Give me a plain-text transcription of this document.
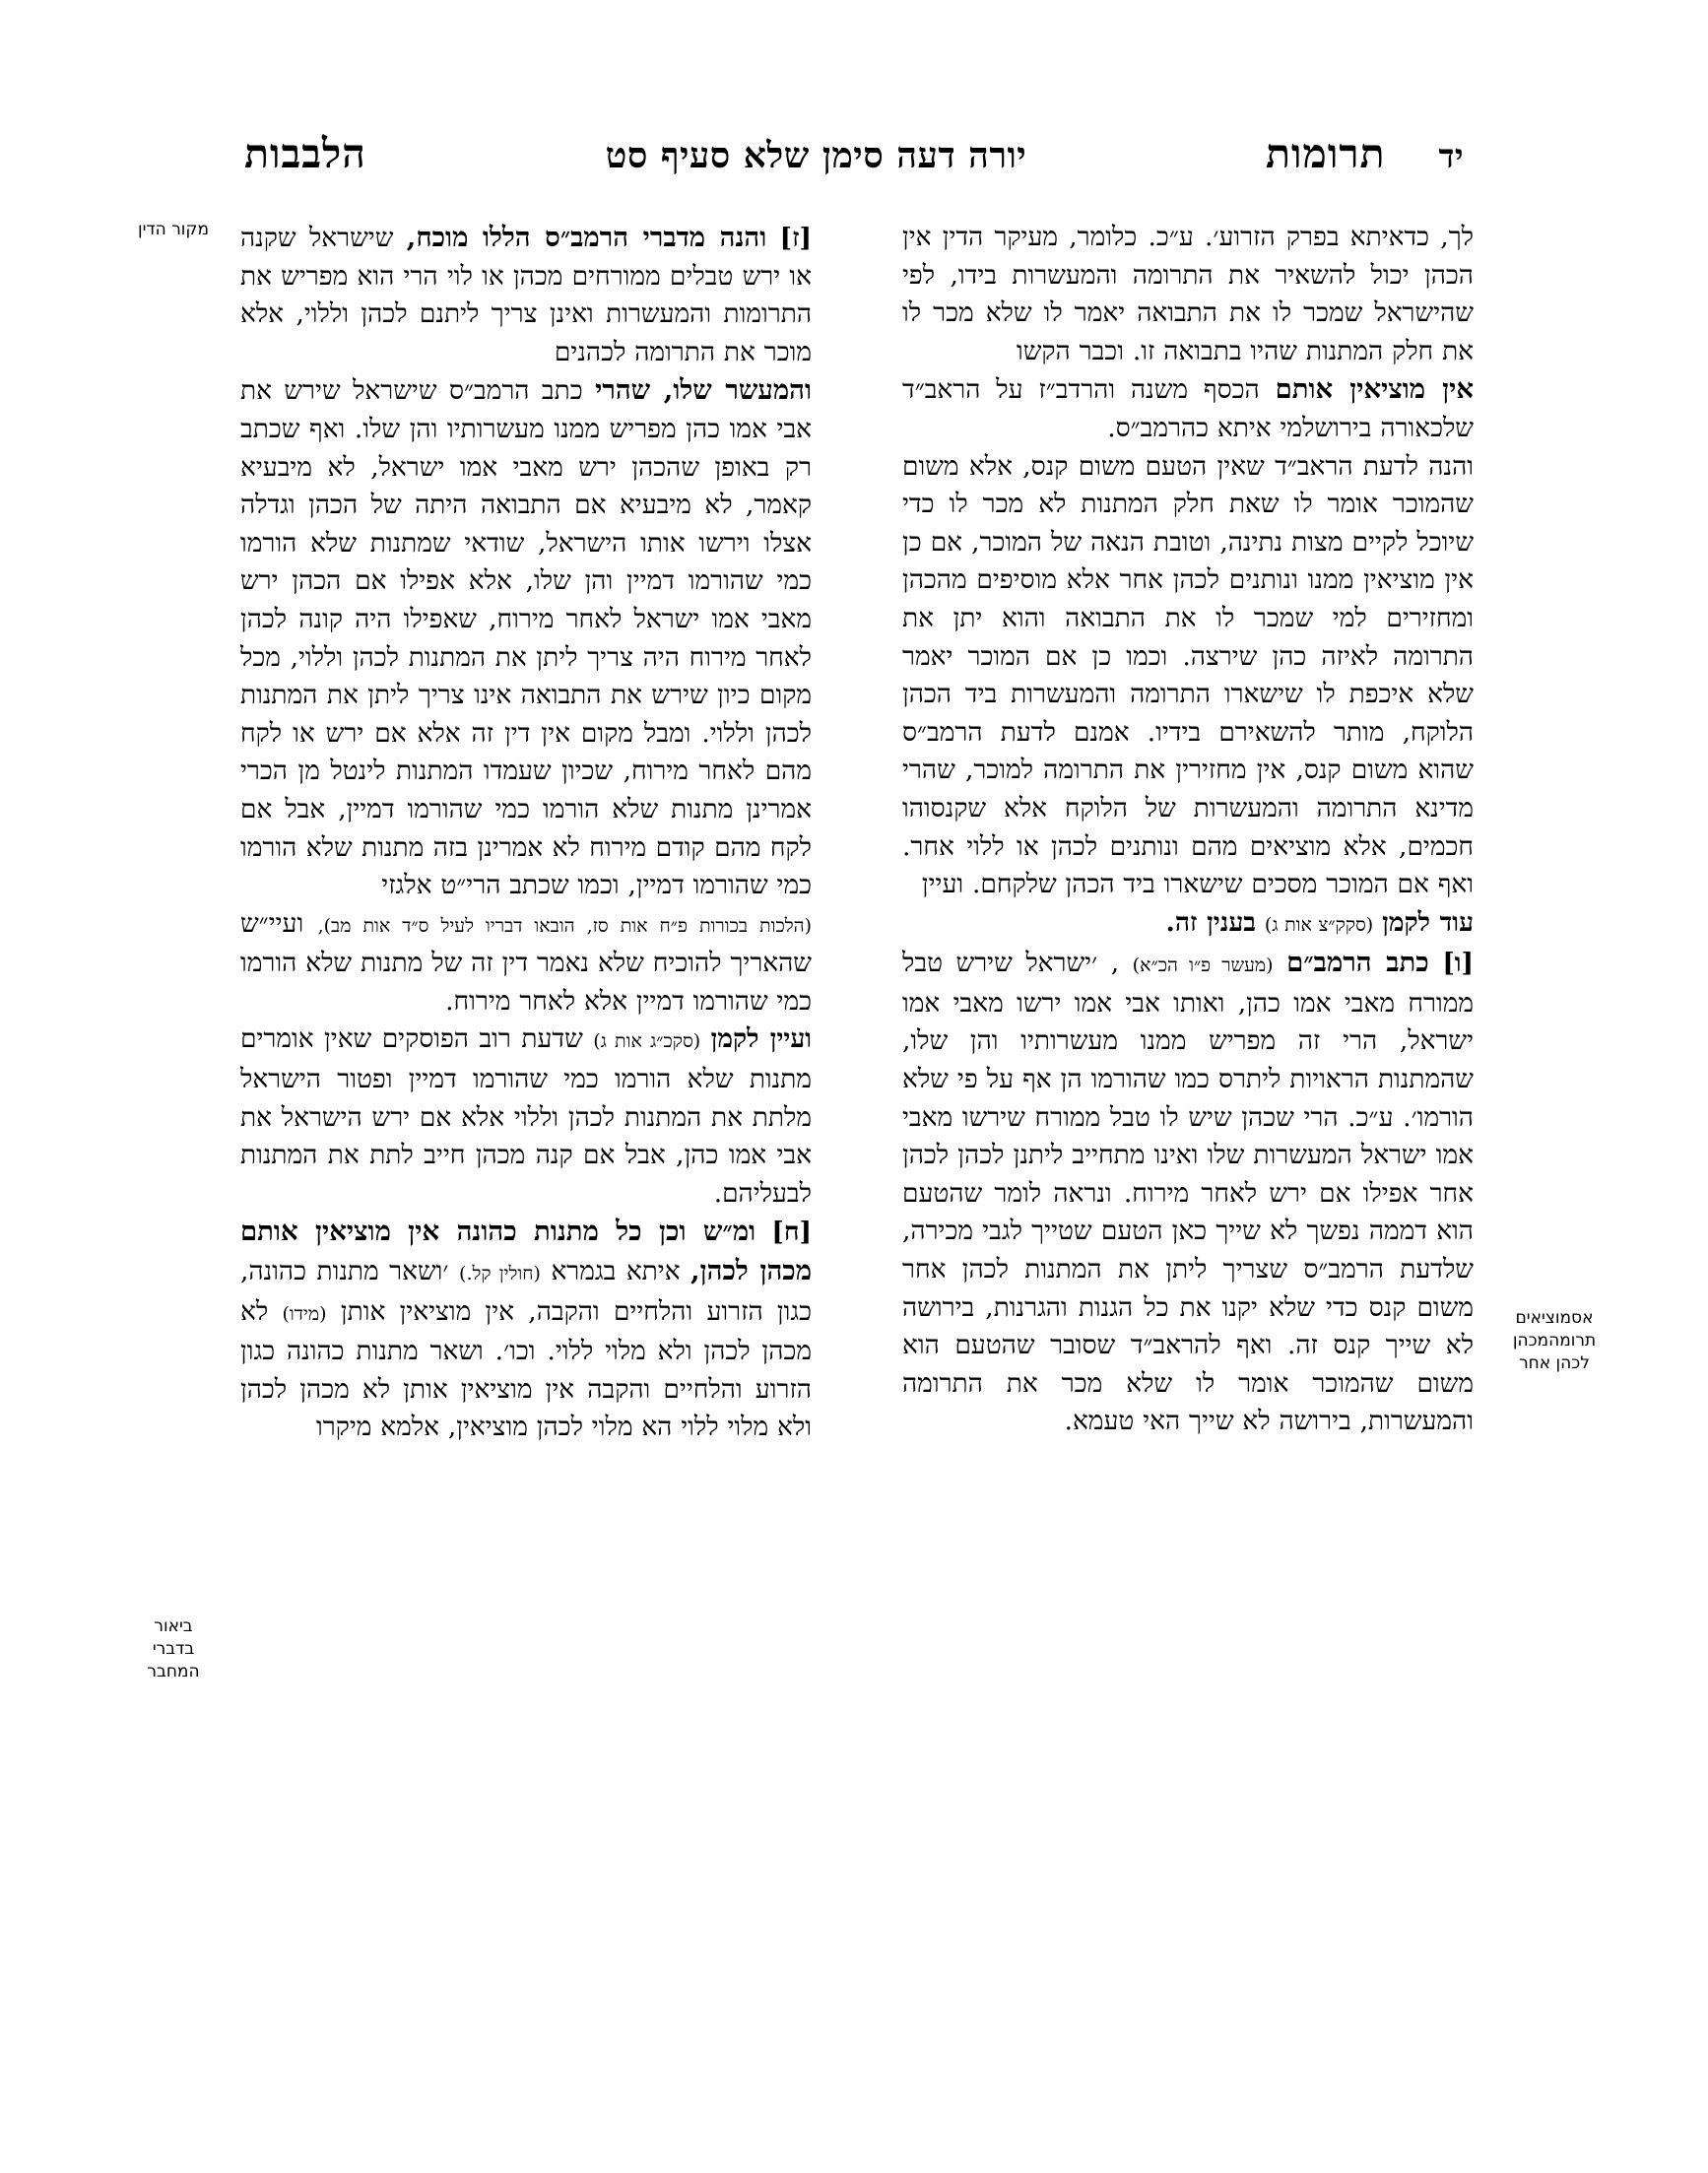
יד
תרומות
יורה דעה סימן שלא סעיף סט
הלבבות
אסמוציאים
תרומהמכהן
לכהן אחר

לך, כדאיתא בפרק הזרוע׳. ע״כ. כלומר, מעיקר הדין אין הכהן יכול להשאיר את התרומה והמעשרות בידו, לפי שהישראל שמכר לו את התבואה יאמר לו שלא מכר לו את חלק המתנות שהיו בתבואה זו. וכבר הקשו

אין מוציאין אותם הכסף משנה והרדב״ז על הראב״ד שלכאורה בירושלמי איתא כהרמב״ס.

והנה לדעת הראב״ד שאין הטעם משום קנס, אלא משום שהמוכר אומר לו שאת חלק המתנות לא מכר לו כדי שיוכל לקיים מצות נתינה, וטובת הנאה של המוכר, אם כן אין מוציאין ממנו ונותנים לכהן אחר אלא מוסיפים מהכהן ומחזירים למי שמכר לו את התבואה והוא יתן את התרומה לאיזה כהן שירצה. וכמו כן אם המוכר יאמר שלא איכפת לו שישארו התרומה והמעשרות ביד הכהן הלוקח, מותר להשאירם בידיו. אמנם לדעת הרמב״ס שהוא משום קנס, אין מחזירין את התרומה למוכר, שהרי מדינא התרומה והמעשרות של הלוקח אלא שקנסוהו חכמים, אלא מוציאים מהם ונותנים לכהן או ללוי אחר. ואף אם המוכר מסכים שישארו ביד הכהן שלקחם. ועיין

עוד לקמן (סקק״צ אות ג) בענין זה.

[ו] כתב הרמב״ם (מעשר פ״ו הכ״א) , ׳ישראל שירש טבל ממורח מאבי אמו כהן, ואותו אבי אמו ירשו מאבי אמו ישראל, הרי זה מפריש ממנו מעשרותיו והן שלו, שהמתנות הראויות ליתרס כמו שהורמו הן אף על פי שלא הורמו׳. ע״כ. הרי שכהן שיש לו טבל ממורח שירשו מאבי אמו ישראל המעשרות שלו ואינו מתחייב ליתנן לכהן לכהן אחר אפילו אם ירש לאחר מירוח. ונראה לומר שהטעם הוא דממה נפשך לא שייך כאן הטעם שטייך לגבי מכירה, שלדעת הרמב״ס שצריך ליתן את המתנות לכהן אחר משום קנס כדי שלא יקנו את כל הגנות והגרנות, בירושה לא שייך קנס זה. ואף להראב״ד שסובר שהטעם הוא משום שהמוכר אומר לו שלא מכר את התרומה והמעשרות, בירושה לא שייך האי טעמא.

מקור הדין
ביאור
בדברי
המחבר

[ז] והנה מדברי הרמב״ס הללו מוכח, שישראל שקנה או ירש טבלים ממורחים מכהן או לוי הרי הוא מפריש את התרומות והמעשרות ואינן צריך ליתנם לכהן וללוי, אלא מוכר את התרומה לכהנים

והמעשר שלו, שהרי כתב הרמב״ס שישראל שירש את אבי אמו כהן מפריש ממנו מעשרותיו והן שלו. ואף שכתב רק באופן שהכהן ירש מאבי אמו ישראל, לא מיבעיא קאמר, לא מיבעיא אם התבואה היתה של הכהן וגדלה אצלו וירשו אותו הישראל, שודאי שמתנות שלא הורמו כמי שהורמו דמיין והן שלו, אלא אפילו אם הכהן ירש מאבי אמו ישראל לאחר מירוח, שאפילו היה קונה לכהן לאחר מירוח היה צריך ליתן את המתנות לכהן וללוי, מכל מקום כיון שירש את התבואה אינו צריך ליתן את המתנות לכהן וללוי. ומבל מקום אין דין זה אלא אם ירש או לקח מהם לאחר מירוח, שכיון שעמדו המתנות לינטל מן הכרי אמרינן מתנות שלא הורמו כמי שהורמו דמיין, אבל אם לקח מהם קודם מירוח לא אמרינן בזה מתנות שלא הורמו כמי שהורמו דמיין, וכמו שכתב הרי״ט אלגזי

(הלכות בכורות פ״ח אות סז, הובאו דבריו לעיל ס״ד אות מב), ועיי״ש שהאריך להוכיח שלא נאמר דין זה של מתנות שלא הורמו כמי שהורמו דמיין אלא לאחר מירוח.

ועיין לקמן (סקכ״ג אות ג) שדעת רוב הפוסקים שאין אומרים מתנות שלא הורמו כמי שהורמו דמיין ופטור הישראל מלתת את המתנות לכהן וללוי אלא אם ירש הישראל את אבי אמו כהן, אבל אם קנה מכהן חייב לתת את המתנות לבעליהם.

[ח] ומ״ש וכן כל מתנות כהונה אין מוציאין אותם מכהן לכהן, איתא בגמרא (חולין קל.) ׳ושאר מתנות כהונה, כגון הזרוע והלחיים והקבה, אין מוציאין אותן (מידו) לא מכהן לכהן ולא מלוי ללוי. וכו׳. ושאר מתנות כהונה כגון הזרוע והלחיים והקבה אין מוציאין אותן לא מכהן לכהן ולא מלוי ללוי הא מלוי לכהן מוציאין, אלמא מיקרו
